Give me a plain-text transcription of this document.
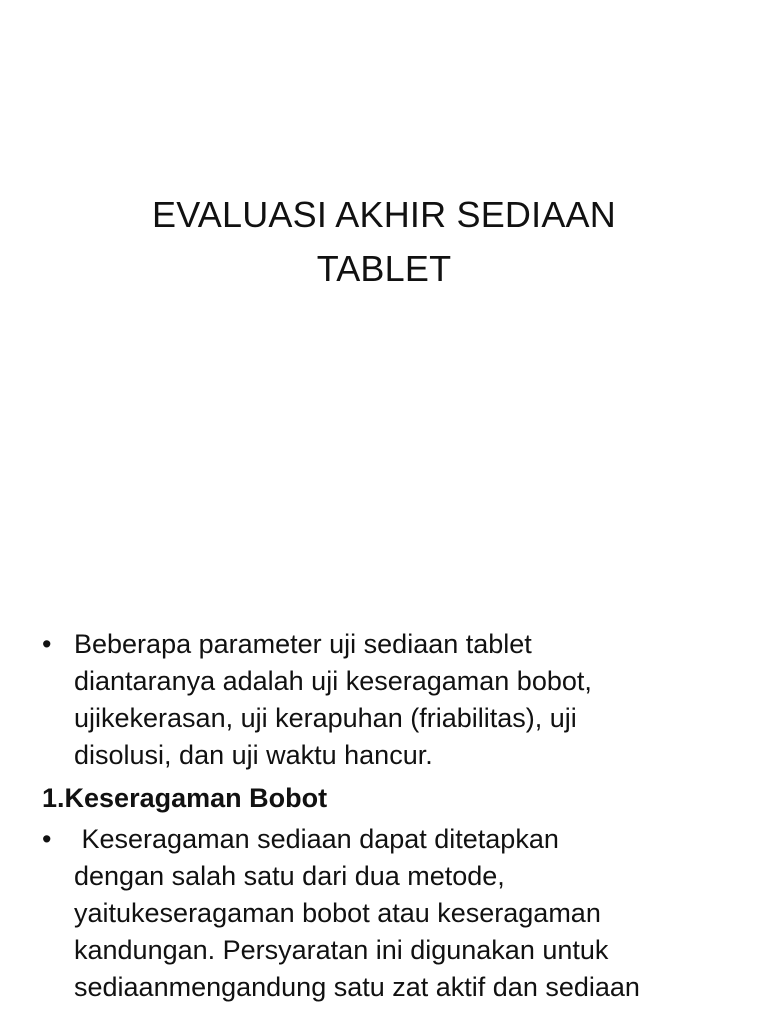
EVALUASI AKHIR SEDIAAN
TABLET
• Beberapa parameter uji sediaan tablet
diantaranya adalah uji keseragaman bobot,
ujikekerasan, uji kerapuhan (friabilitas), uji
disolusi, dan uji waktu hancur.
1.Keseragaman Bobot
• Keseragaman sediaan dapat ditetapkan
dengan salah satu dari dua metode,
yaitukeseragaman bobot atau keseragaman
kandungan. Persyaratan ini digunakan untuk
sediaanmengandung satu zat aktif dan sediaan
